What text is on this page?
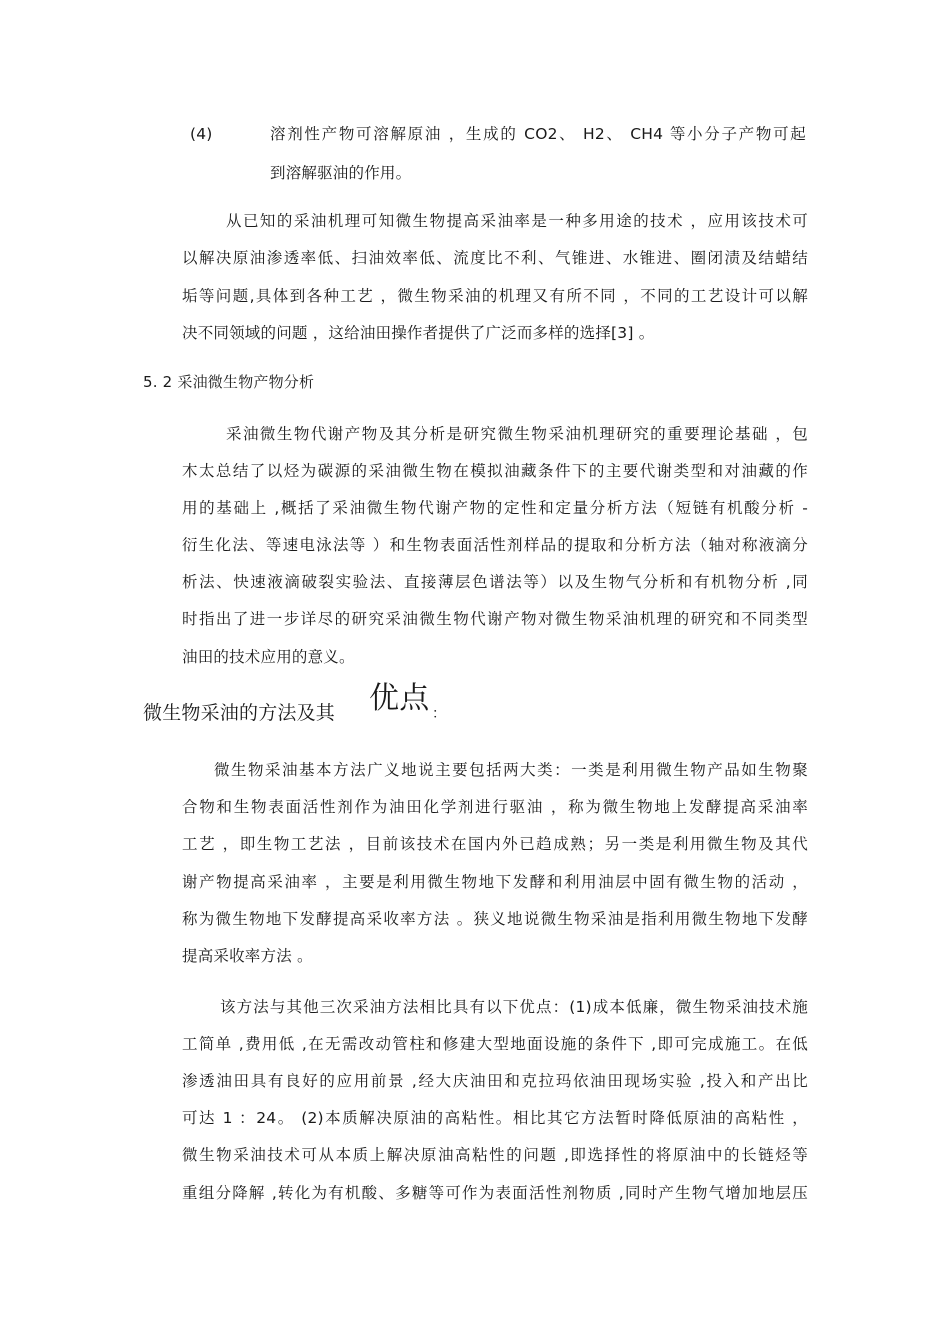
(4)	溶剂性产物可溶解原油 ，生成的 CO2、 H2、 CH4 等小分子产物可起
到溶解驱油的作用。
从已知的采油机理可知微生物提高采油率是一种多用途的技术 ，应用该技术可
以解决原油渗透率低、扫油效率低、流度比不利、气锥进、水锥进、圈闭渍及结蜡结
垢等问题,具体到各种工艺 ，微生物采油的机理又有所不同 ，不同的工艺设计可以解
决不同领域的问题 ，这给油田操作者提供了广泛而多样的选择[3] 。
5. 2 采油微生物产物分析
采油微生物代谢产物及其分析是研究微生物采油机理研究的重要理论基础 ，包
木太总结了以烃为碳源的采油微生物在模拟油藏条件下的主要代谢类型和对油藏的作
用的基础上 ,概括了采油微生物代谢产物的定性和定量分析方法（短链有机酸分析 -
衍生化法、等速电泳法等 ）和生物表面活性剂样品的提取和分析方法（轴对称液滴分
析法、快速液滴破裂实验法、直接薄层色谱法等）以及生物气分析和有机物分析 ,同
时指出了进一步详尽的研究采油微生物代谢产物对微生物采油机理的研究和不同类型
油田的技术应用的意义。
微生物采油的方法及其 优点 ：
微生物采油基本方法广义地说主要包括两大类：一类是利用微生物产品如生物聚
合物和生物表面活性剂作为油田化学剂进行驱油 ，称为微生物地上发酵提高采油率
工艺 ，即生物工艺法 ，目前该技术在国内外已趋成熟；另一类是利用微生物及其代
谢产物提高采油率 ，主要是利用微生物地下发酵和利用油层中固有微生物的活动 ，
称为微生物地下发酵提高采收率方法 。狭义地说微生物采油是指利用微生物地下发酵
提高采收率方法 。
该方法与其他三次采油方法相比具有以下优点：(1)成本低廉，微生物采油技术施
工简单 ,费用低 ,在无需改动管柱和修建大型地面设施的条件下 ,即可完成施工。在低
渗透油田具有良好的应用前景 ,经大庆油田和克拉玛依油田现场实验 ,投入和产出比
可达 1 ：24。 (2)本质解决原油的高粘性。相比其它方法暂时降低原油的高粘性 ，
微生物采油技术可从本质上解决原油高粘性的问题 ,即选择性的将原油中的长链烃等
重组分降解 ,转化为有机酸、多糖等可作为表面活性剂物质 ,同时产生物气增加地层压
